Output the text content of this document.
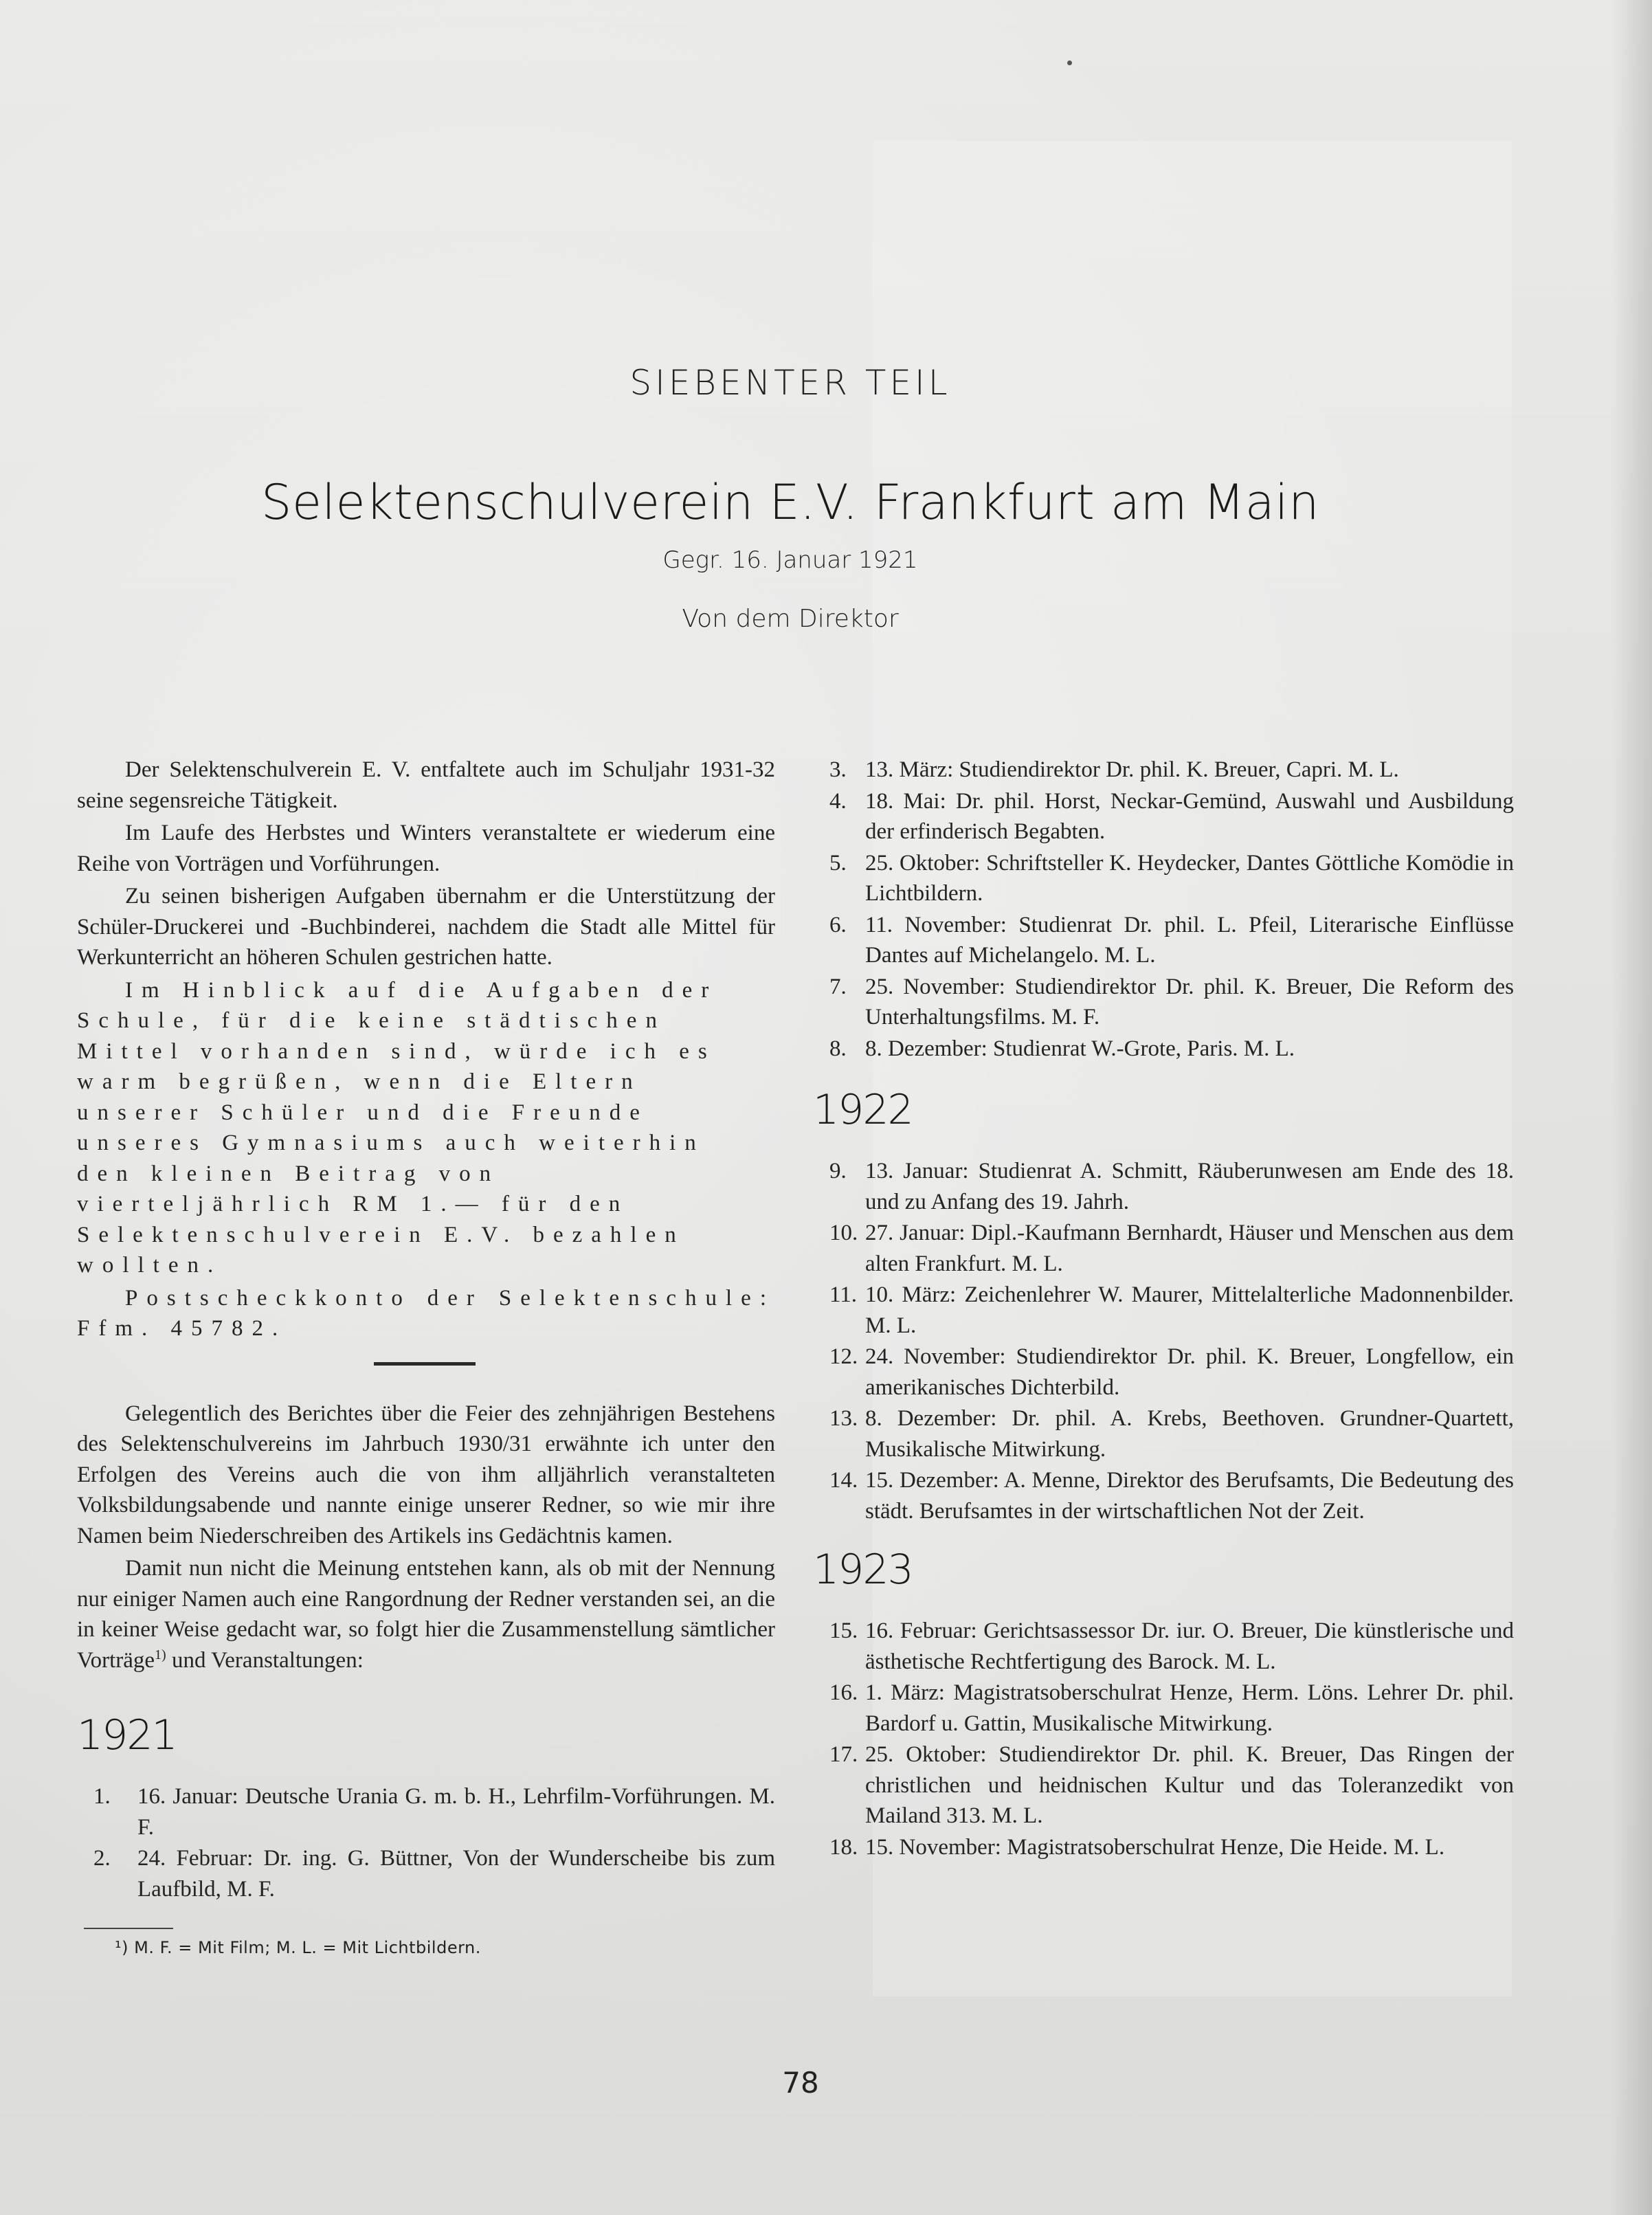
SIEBENTER TEIL
Selektenschulverein E.V. Frankfurt am Main
Gegr. 16. Januar 1921
Von dem Direktor

Der Selektenschulverein E. V. entfaltete auch im Schuljahr 1931-32 seine segensreiche Tätigkeit.

Im Laufe des Herbstes und Winters veranstaltete er wiederum eine Reihe von Vorträgen und Vorführungen.

Zu seinen bisherigen Aufgaben übernahm er die Unterstützung der Schüler-Druckerei und -Buchbinderei, nachdem die Stadt alle Mittel für Werkunterricht an höheren Schulen gestrichen hatte.

Im Hinblick auf die Aufgaben der Schule, für die keine städtischen Mittel vorhanden sind, würde ich es warm begrüßen, wenn die Eltern unserer Schüler und die Freunde unseres Gymnasiums auch weiterhin den kleinen Beitrag von vierteljährlich RM 1.— für den Selektenschulverein E.V. bezahlen wollten.

Postscheckkonto der Selektenschule: Ffm. 45782.

Gelegentlich des Berichtes über die Feier des zehnjährigen Bestehens des Selektenschulvereins im Jahrbuch 1930/31 erwähnte ich unter den Erfolgen des Vereins auch die von ihm alljährlich veranstalteten Volksbildungsabende und nannte einige unserer Redner, so wie mir ihre Namen beim Niederschreiben des Artikels ins Gedächtnis kamen.

Damit nun nicht die Meinung entstehen kann, als ob mit der Nennung nur einiger Namen auch eine Rangordnung der Redner verstanden sei, an die in keiner Weise gedacht war, so folgt hier die Zusammenstellung sämtlicher Vorträge$^{1)}$ und Veranstaltungen:

1921
1.	16. Januar: Deutsche Urania G. m. b. H., Lehrfilm-Vorführungen. M. F.
2.	24. Februar: Dr. ing. G. Büttner, Von der Wunderscheibe bis zum Laufbild, M. F.
¹) M. F. = Mit Film; M. L. = Mit Lichtbildern.
3. 13. März: Studiendirektor Dr. phil. K. Breuer, Capri. M. L.
4. 18. Mai: Dr. phil. Horst, Neckar-Gemünd, Auswahl und Ausbildung der erfinderisch Begabten.
5. 25. Oktober: Schriftsteller K. Heydecker, Dantes Göttliche Komödie in Lichtbildern.
6. 11. November: Studienrat Dr. phil. L. Pfeil, Literarische Einflüsse Dantes auf Michelangelo. M. L.
7. 25. November: Studiendirektor Dr. phil. K. Breuer, Die Reform des Unterhaltungsfilms. M. F.
8. 8. Dezember: Studienrat W.-Grote, Paris. M. L.
1922
9. 13. Januar: Studienrat A. Schmitt, Räuberunwesen am Ende des 18. und zu Anfang des 19. Jahrh.
10. 27. Januar: Dipl.-Kaufmann Bernhardt, Häuser und Menschen aus dem alten Frankfurt. M. L.
11. 10. März: Zeichenlehrer W. Maurer, Mittelalterliche Madonnenbilder. M. L.
12. 24. November: Studiendirektor Dr. phil. K. Breuer, Longfellow, ein amerikanisches Dichterbild.
13. 8. Dezember: Dr. phil. A. Krebs, Beethoven. Grundner-Quartett, Musikalische Mitwirkung.
14. 15. Dezember: A. Menne, Direktor des Berufsamts, Die Bedeutung des städt. Berufsamtes in der wirtschaftlichen Not der Zeit.
1923
15. 16. Februar: Gerichtsassessor Dr. iur. O. Breuer, Die künstlerische und ästhetische Rechtfertigung des Barock. M. L.
16. 1. März: Magistratsoberschulrat Henze, Herm. Löns. Lehrer Dr. phil. Bardorf u. Gattin, Musikalische Mitwirkung.
17. 25. Oktober: Studiendirektor Dr. phil. K. Breuer, Das Ringen der christlichen und heidnischen Kultur und das Toleranzedikt von Mailand 313. M. L.
18. 15. November: Magistratsoberschulrat Henze, Die Heide. M. L.
78
